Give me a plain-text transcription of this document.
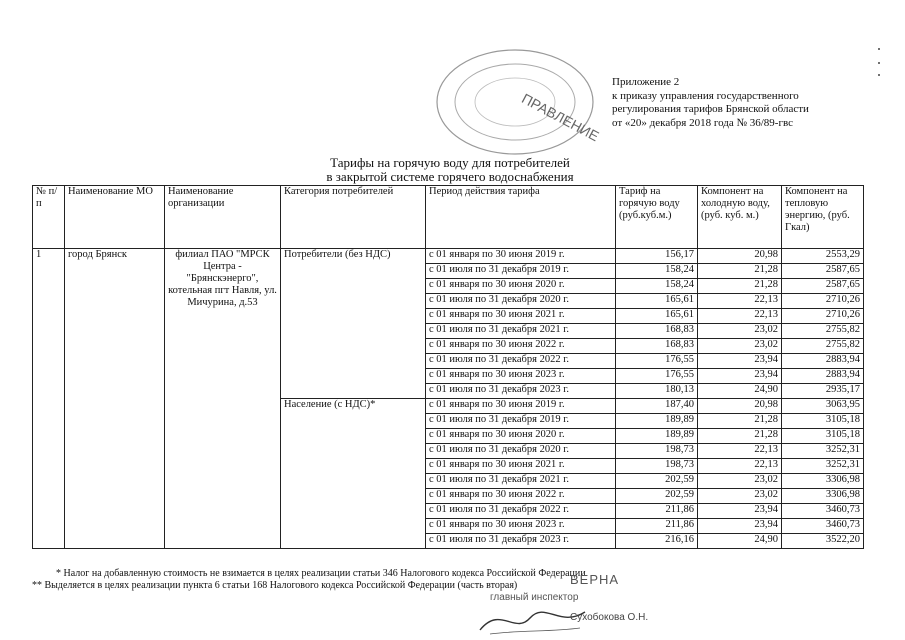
ПРАВЛЕНИЕ
Приложение 2
к приказу управления государственного
регулирования тарифов Брянской области
от «20» декабря 2018 года № 36/89-гвс
Тарифы на горячую воду для потребителей
в закрытой системе горячего водоснабжения
№ п/п	Наименование МО	Наименование организации	Категория потребителей	Период действия тарифа	Тариф на горячую воду (руб.куб.м.)	Компонент на холодную воду, (руб. куб. м.)	Компонент на тепловую энергию, (руб. Гкал)
1	город Брянск	филиал ПАО "МРСК Центра - "Брянскэнерго", котельная пгт Навля, ул. Мичурина, д.53	Потребители (без НДС)	с 01 января по 30 июня 2019 г.	156,17	20,98	2553,29
				с 01 июля по 31 декабря 2019 г.	158,24	21,28	2587,65
				с 01 января по 30 июня 2020 г.	158,24	21,28	2587,65
				с 01 июля по 31 декабря 2020 г.	165,61	22,13	2710,26
				с 01 января по 30 июня 2021 г.	165,61	22,13	2710,26
				с 01 июля по 31 декабря 2021 г.	168,83	23,02	2755,82
				с 01 января по 30 июня 2022 г.	168,83	23,02	2755,82
				с 01 июля по 31 декабря 2022 г.	176,55	23,94	2883,94
				с 01 января по 30 июня 2023 г.	176,55	23,94	2883,94
				с 01 июля по 31 декабря 2023 г.	180,13	24,90	2935,17
			Население (с НДС)*	с 01 января по 30 июня 2019 г.	187,40	20,98	3063,95
				с 01 июля по 31 декабря 2019 г.	189,89	21,28	3105,18
				с 01 января по 30 июня 2020 г.	189,89	21,28	3105,18
				с 01 июля по 31 декабря 2020 г.	198,73	22,13	3252,31
				с 01 января по 30 июня 2021 г.	198,73	22,13	3252,31
				с 01 июля по 31 декабря 2021 г.	202,59	23,02	3306,98
				с 01 января по 30 июня 2022 г.	202,59	23,02	3306,98
				с 01 июля по 31 декабря 2022 г.	211,86	23,94	3460,73
				с 01 января по 30 июня 2023 г.	211,86	23,94	3460,73
				с 01 июля по 31 декабря 2023 г.	216,16	24,90	3522,20
* Налог на добавленную стоимость не взимается в целях реализации статьи 346 Налогового кодекса Российской Федерации
** Выделяется в целях реализации пункта 6 статьи 168 Налогового кодекса Российской Федерации (часть вторая)	ВЕРНА
главный инспектор
Сухобокова О.Н.
